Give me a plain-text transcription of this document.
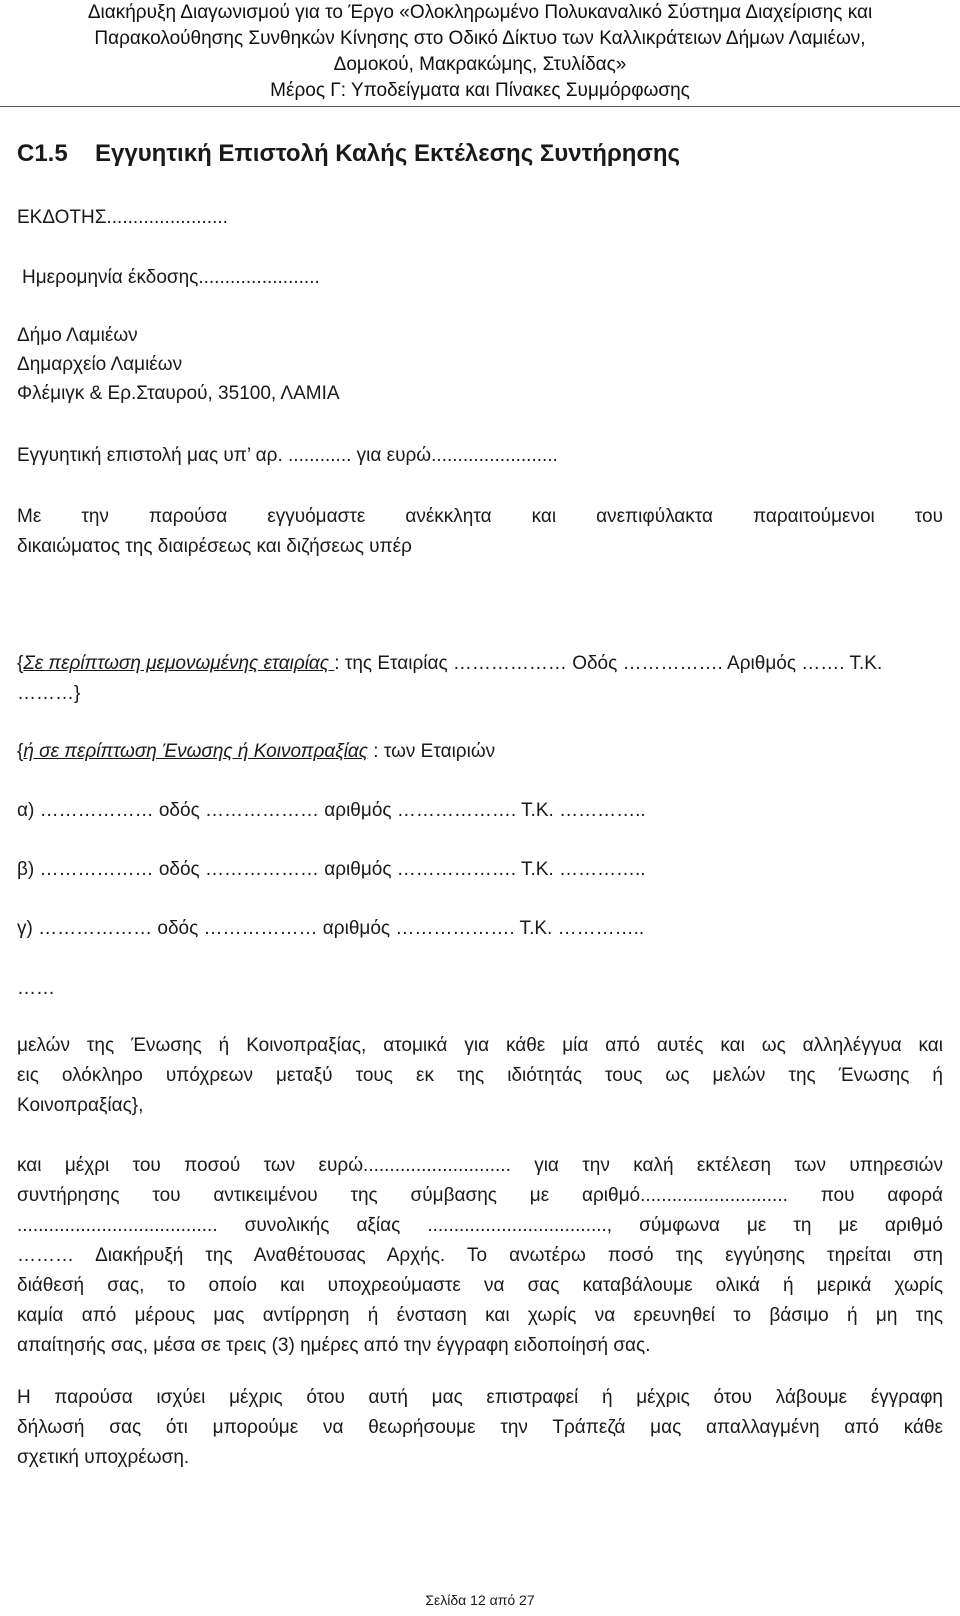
Διακήρυξη Διαγωνισμού για το Έργο «Ολοκληρωμένο Πολυκαναλικό Σύστημα Διαχείρισης και
Παρακολούθησης Συνθηκών Κίνησης στο Οδικό Δίκτυο των Καλλικράτειων Δήμων Λαμιέων,
Δομοκού, Μακρακώμης, Στυλίδας»
Μέρος Γ: Υποδείγματα και Πίνακες Συμμόρφωσης
C1.5 Εγγυητική Επιστολή Καλής Εκτέλεσης Συντήρησης
ΕΚΔΟΤΗΣ.......................
Ημερομηνία έκδοσης.......................
Δήμο Λαμιέων
Δημαρχείο Λαμιέων
Φλέμιγκ & Ερ.Σταυρού, 35100, ΛΑΜΙΑ
Εγγυητική επιστολή μας υπ’ αρ. ............ για ευρώ........................
Με την παρούσα εγγυόμαστε ανέκκλητα και ανεπιφύλακτα παραιτούμενοι του
δικαιώματος της διαιρέσεως και διζήσεως υπέρ
{Σε περίπτωση μεμονωμένης εταιρίας : της Εταιρίας ……………… Οδός ……………. Αριθμός ……. Τ.Κ.
………}
{ή σε περίπτωση Ένωσης ή Κοινοπραξίας : των Εταιριών
α) ……………… οδός ……………… αριθμός ………………. Τ.Κ. …………..
β) ……………… οδός ……………… αριθμός ………………. Τ.Κ. …………..
γ) ……………… οδός ……………… αριθμός ………………. Τ.Κ. …………..
……
μελών της Ένωσης ή Κοινοπραξίας, ατομικά για κάθε μία από αυτές και ως αλληλέγγυα και
εις ολόκληρο υπόχρεων μεταξύ τους εκ της ιδιότητάς τους ως μελών της Ένωσης ή
Κοινοπραξίας},
και μέχρι του ποσού των ευρώ............................ για την καλή εκτέλεση των υπηρεσιών
συντήρησης του αντικειμένου της σύμβασης με αριθμό............................ που αφορά
...................................... συνολικής αξίας .................................., σύμφωνα με τη με αριθμό
……… Διακήρυξή της Αναθέτουσας Αρχής. Το ανωτέρω ποσό της εγγύησης τηρείται στη
διάθεσή σας, το οποίο και υποχρεούμαστε να σας καταβάλουμε ολικά ή μερικά χωρίς
καμία από μέρους μας αντίρρηση ή ένσταση και χωρίς να ερευνηθεί το βάσιμο ή μη της
απαίτησής σας, μέσα σε τρεις (3) ημέρες από την έγγραφη ειδοποίησή σας.
Η παρούσα ισχύει μέχρις ότου αυτή μας επιστραφεί ή μέχρις ότου λάβουμε έγγραφη
δήλωσή σας ότι μπορούμε να θεωρήσουμε την Τράπεζά μας απαλλαγμένη από κάθε
σχετική υποχρέωση.
Σελίδα 12 από 27
